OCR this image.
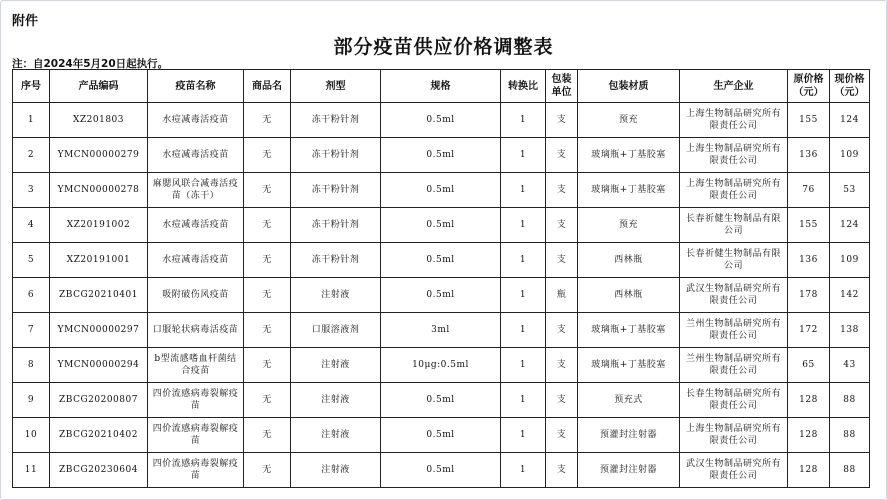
附件
部分疫苗供应价格调整表
注：自2024年5月20日起执行。
序号	产品编码	疫苗名称	商品名	剂型	规格	转换比	包装单位	包装材质	生产企业	原价格（元）	现价格（元）
1	XZ201803	水痘减毒活疫苗	无	冻干粉针剂	0.5ml	1	支	预充	上海生物制品研究所有限责任公司	155	124
2	YMCN00000279	水痘减毒活疫苗	无	冻干粉针剂	0.5ml	1	支	玻璃瓶+丁基胶塞	上海生物制品研究所有限责任公司	136	109
3	YMCN00000278	麻腮风联合减毒活疫苗（冻干）	无	冻干粉针剂	0.5ml	1	支	玻璃瓶+丁基胶塞	上海生物制品研究所有限责任公司	76	53
4	XZ20191002	水痘减毒活疫苗	无	冻干粉针剂	0.5ml	1	支	预充	长春祈健生物制品有限公司	155	124
5	XZ20191001	水痘减毒活疫苗	无	冻干粉针剂	0.5ml	1	支	西林瓶	长春祈健生物制品有限公司	136	109
6	ZBCG20210401	吸附破伤风疫苗	无	注射液	0.5ml	1	瓶	西林瓶	武汉生物制品研究所有限责任公司	178	142
7	YMCN00000297	口服轮状病毒活疫苗	无	口服溶液剂	3ml	1	支	玻璃瓶+丁基胶塞	兰州生物制品研究所有限责任公司	172	138
8	YMCN00000294	b型流感嗜血杆菌结合疫苗	无	注射液	10μg:0.5ml	1	支	玻璃瓶+丁基胶塞	兰州生物制品研究所有限责任公司	65	43
9	ZBCG20200807	四价流感病毒裂解疫苗	无	注射液	0.5ml	1	支	预充式	长春生物制品研究所有限责任公司	128	88
10	ZBCG20210402	四价流感病毒裂解疫苗	无	注射液	0.5ml	1	支	预灌封注射器	上海生物制品研究所有限责任公司	128	88
11	ZBCG20230604	四价流感病毒裂解疫苗	无	注射液	0.5ml	1	支	预灌封注射器	武汉生物制品研究所有限责任公司	128	88
